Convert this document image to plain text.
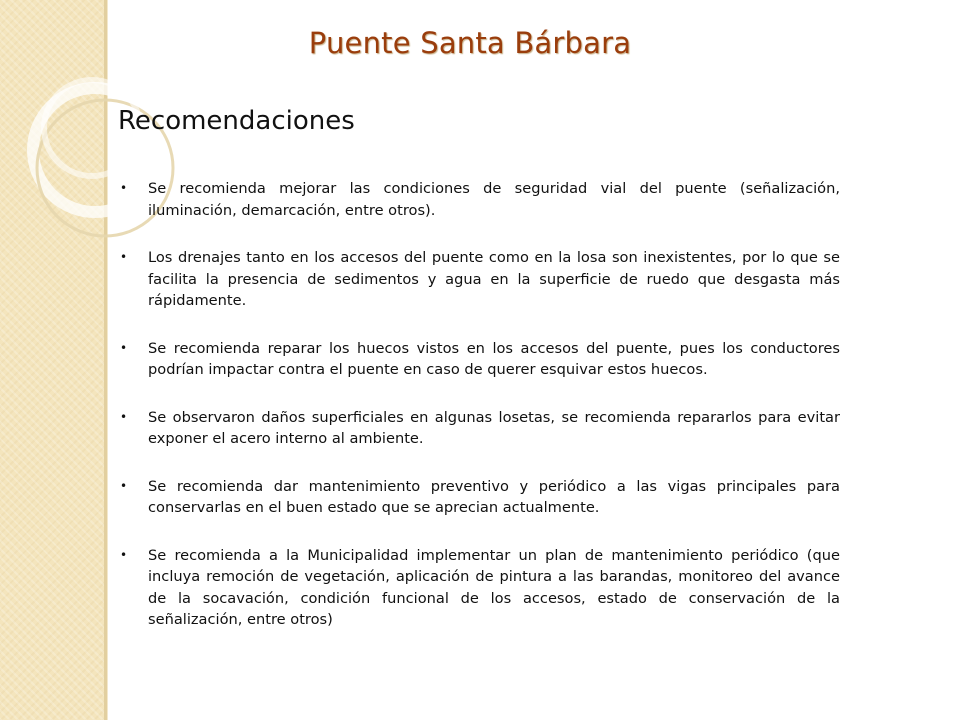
Puente Santa Bárbara
Recomendaciones
• Se recomienda mejorar las condiciones de seguridad vial del puente (señalización, iluminación, demarcación, entre otros).
• Los drenajes tanto en los accesos del puente como en la losa son inexistentes, por lo que se facilita la presencia de sedimentos y agua en la superficie de ruedo que desgasta más rápidamente.
• Se recomienda reparar los huecos vistos en los accesos del puente, pues los conductores podrían impactar contra el puente en caso de querer esquivar estos huecos.
• Se observaron daños superficiales en algunas losetas, se recomienda repararlos para evitar exponer el acero interno al ambiente.
• Se recomienda dar mantenimiento preventivo y periódico a las vigas principales para conservarlas en el buen estado que se aprecian actualmente.
• Se recomienda a la Municipalidad implementar un plan de mantenimiento periódico (que incluya remoción de vegetación, aplicación de pintura a las barandas, monitoreo del avance de la socavación, condición funcional de los accesos, estado de conservación de la señalización, entre otros)
